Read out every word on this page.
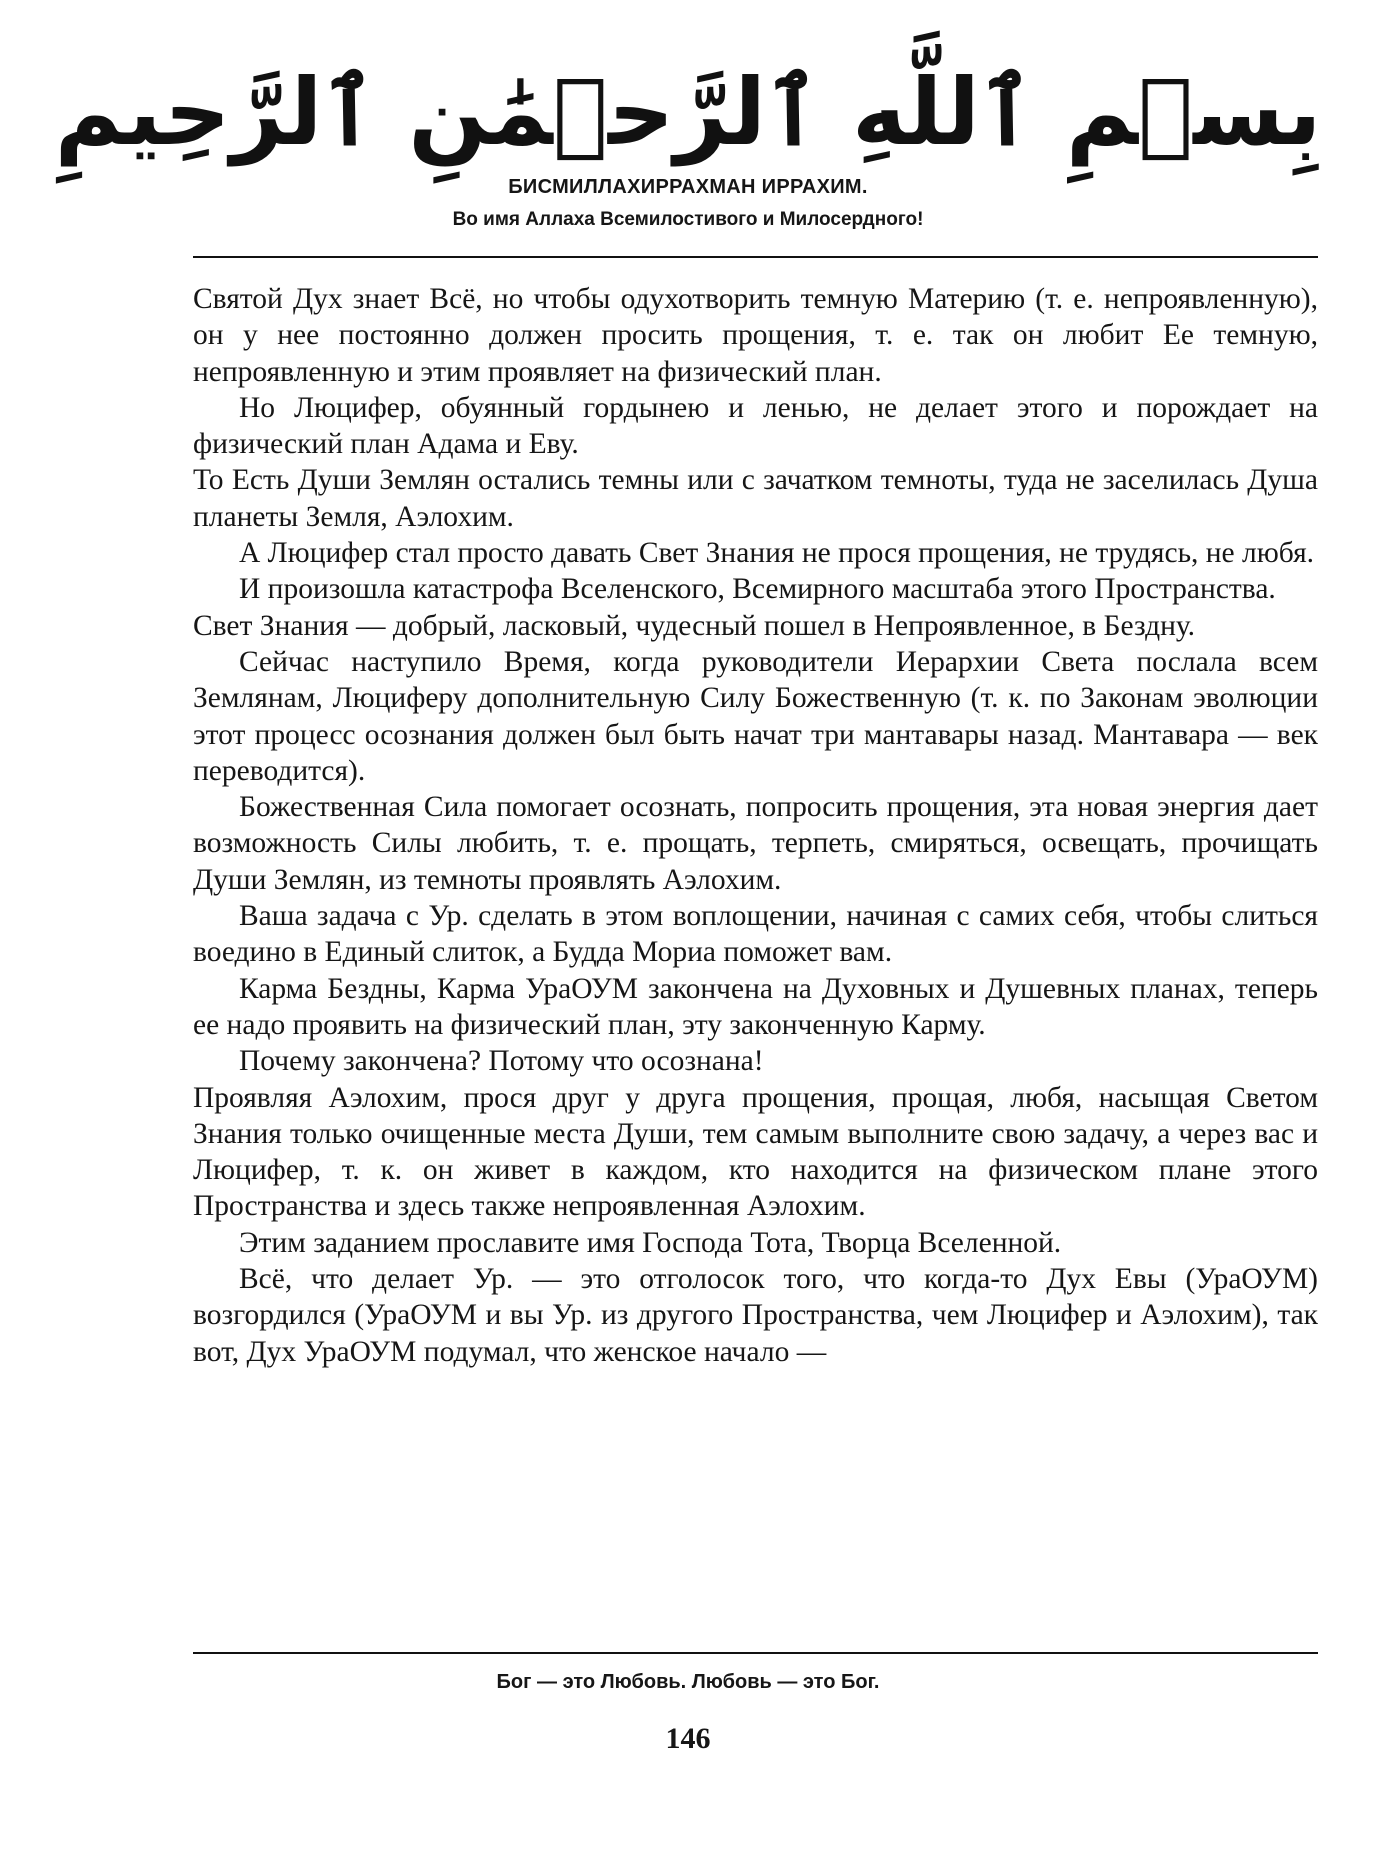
بِسۡمِ ٱللَّهِ ٱلرَّحۡمَٰنِ ٱلرَّحِيمِ
БИСМИЛЛАХИРРАХМАН ИРРАХИМ.
Во имя Аллаха Всемилостивого и Милосердного!

Святой Дух знает Всё, но чтобы одухотворить темную Материю (т. е. непроявленную), он у нее постоянно должен просить прощения, т. е. так он любит Ее темную, непроявленную и этим проявляет на физический план.

Но Люцифер, обуянный гордынею и ленью, не делает этого и порождает на физический план Адама и Еву.

То Есть Души Землян остались темны или с зачатком темноты, туда не заселилась Душа планеты Земля, Аэлохим.

А Люцифер стал просто давать Свет Знания не прося прощения, не трудясь, не любя.

И произошла катастрофа Вселенского, Всемирного масштаба этого Пространства.

Свет Знания — добрый, ласковый, чудесный пошел в Непроявленное, в Бездну.

Сейчас наступило Время, когда руководители Иерархии Света послала всем Землянам, Люциферу дополнительную Силу Божественную (т. к. по Законам эволюции этот процесс осознания должен был быть начат три мантавары назад. Мантавара — век переводится).

Божественная Сила помогает осознать, попросить прощения, эта новая энергия дает возможность Силы любить, т. е. прощать, терпеть, смиряться, освещать, прочищать Души Землян, из темноты проявлять Аэлохим.

Ваша задача с Ур. сделать в этом воплощении, начиная с самих себя, чтобы слиться воедино в Единый слиток, а Будда Мориа поможет вам.

Карма Бездны, Карма УраОУМ закончена на Духовных и Душевных планах, теперь ее надо проявить на физический план, эту законченную Карму.

Почему закончена? Потому что осознана!

Проявляя Аэлохим, прося друг у друга прощения, прощая, любя, насыщая Светом Знания только очищенные места Души, тем самым выполните свою задачу, а через вас и Люцифер, т. к. он живет в каждом, кто находится на физическом плане этого Пространства и здесь также непроявленная Аэлохим.

Этим заданием прославите имя Господа Тота, Творца Вселенной.

Всё, что делает Ур. — это отголосок того, что когда-то Дух Евы (УраОУМ) возгордился (УраОУМ и вы Ур. из другого Пространства, чем Люцифер и Аэлохим), так вот, Дух УраОУМ подумал, что женское начало —

Бог — это Любовь. Любовь — это Бог.
146
